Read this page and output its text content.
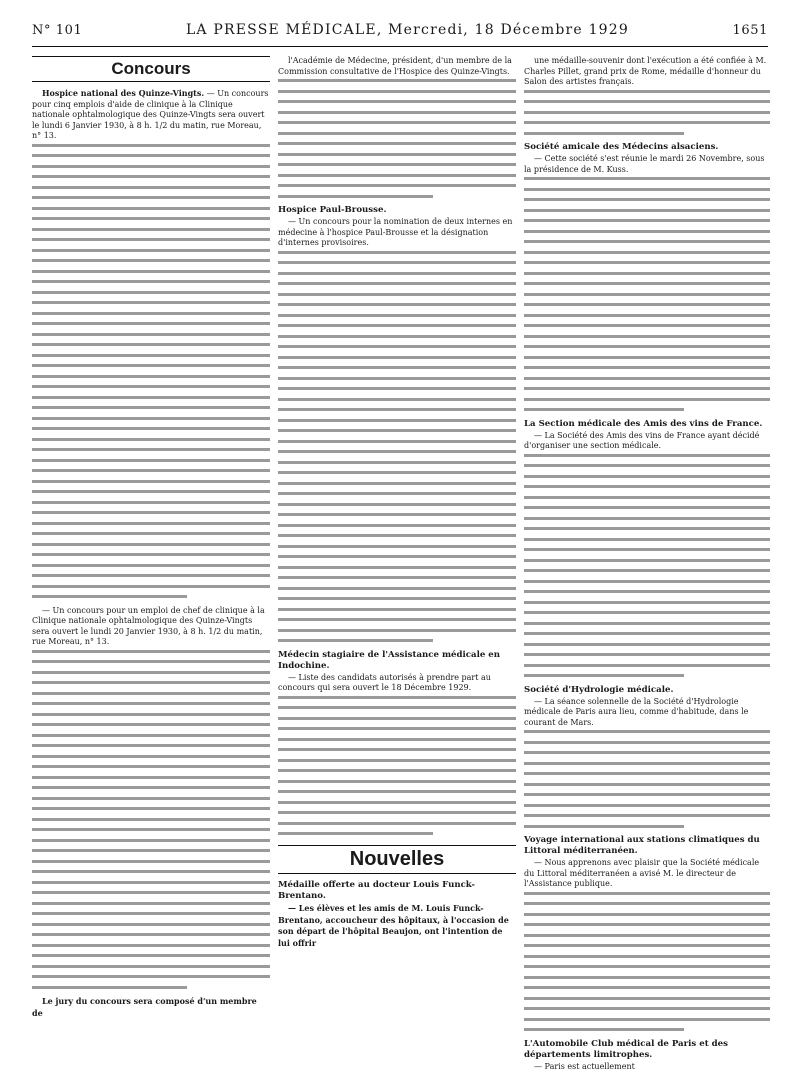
N° 101	LA PRESSE MÉDICALE, Mercredi, 18 Décembre 1929	1651
Concours

Hospice national des Quinze-Vingts. — Un concours pour cinq emplois d'aide de clinique à la Clinique nationale ophtalmologique des Quinze-Vingts sera ouvert le lundi 6 Janvier 1930, à 8 h. 1/2 du matin, rue Moreau, n° 13.

— Un concours pour un emploi de chef de clinique à la Clinique nationale ophtalmologique des Quinze-Vingts sera ouvert le lundi 20 Janvier 1930, à 8 h. 1/2 du matin, rue Moreau, n° 13.

Le jury du concours sera composé d'un membre de

l'Académie de Médecine, président, d'un membre de la Commission consultative de l'Hospice des Quinze-Vingts.

Hospice Paul-Brousse.

— Un concours pour la nomination de deux internes en médecine à l'hospice Paul-Brousse et la désignation d'internes provisoires.

Médecin stagiaire de l'Assistance médicale en Indochine.

— Liste des candidats autorisés à prendre part au concours qui sera ouvert le 18 Décembre 1929.

Nouvelles
Médaille offerte au docteur Louis Funck-Brentano.

— Les élèves et les amis de M. Louis Funck-Brentano, accoucheur des hôpitaux, à l'occasion de son départ de l'hôpital Beaujon, ont l'intention de lui offrir

une médaille-souvenir dont l'exécution a été confiée à M. Charles Pillet, grand prix de Rome, médaille d'honneur du Salon des artistes français.

Société amicale des Médecins alsaciens.

— Cette société s'est réunie le mardi 26 Novembre, sous la présidence de M. Kuss.

La Section médicale des Amis des vins de France.

— La Société des Amis des vins de France ayant décidé d'organiser une section médicale.

Société d'Hydrologie médicale.

— La séance solennelle de la Société d'Hydrologie médicale de Paris aura lieu, comme d'habitude, dans le courant de Mars.

Voyage international aux stations climatiques du Littoral méditerranéen.

— Nous apprenons avec plaisir que la Société médicale du Littoral méditerranéen a avisé M. le directeur de l'Assistance publique.

L'Automobile Club médical de Paris et des départements limitrophes.

— Paris est actuellement
